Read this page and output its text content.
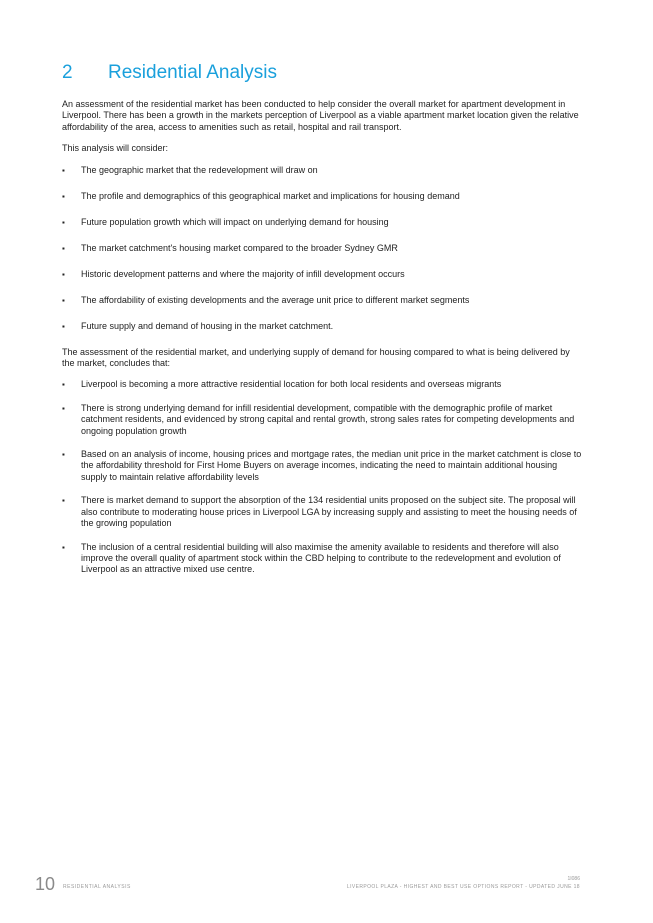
2	Residential Analysis

An assessment of the residential market has been conducted to help consider the overall market for apartment development in Liverpool. There has been a growth in the markets perception of Liverpool as a viable apartment market location given the relative affordability of the area, access to amenities such as retail, hospital and rail transport.

This analysis will consider:

▪ The geographic market that the redevelopment will draw on
▪ The profile and demographics of this geographical market and implications for housing demand
▪ Future population growth which will impact on underlying demand for housing
▪ The market catchment's housing market compared to the broader Sydney GMR
▪ Historic development patterns and where the majority of infill development occurs
▪ The affordability of existing developments and the average unit price to different market segments
▪ Future supply and demand of housing in the market catchment.

The assessment of the residential market, and underlying supply of demand for housing compared to what is being delivered by the market, concludes that:

▪ Liverpool is becoming a more attractive residential location for both local residents and overseas migrants
▪ There is strong underlying demand for infill residential development, compatible with the demographic profile of market catchment residents, and evidenced by strong capital and rental growth, strong sales rates for competing developments and ongoing population growth
▪ Based on an analysis of income, housing prices and mortgage rates, the median unit price in the market catchment is close to the affordability threshold for First Home Buyers on average incomes, indicating the need to maintain additional housing supply to maintain relative affordability levels
▪ There is market demand to support the absorption of the 134 residential units proposed on the subject site. The proposal will also contribute to moderating house prices in Liverpool LGA by increasing supply and assisting to meet the housing needs of the growing population
▪ The inclusion of a central residential building will also maximise the amenity available to residents and therefore will also improve the overall quality of apartment stock within the CBD helping to contribute to the redevelopment and evolution of Liverpool as an attractive mixed use centre.
10 RESIDENTIAL ANALYSIS
1I086
LIVERPOOL PLAZA - HIGHEST AND BEST USE OPTIONS REPORT - UPDATED JUNE 18
